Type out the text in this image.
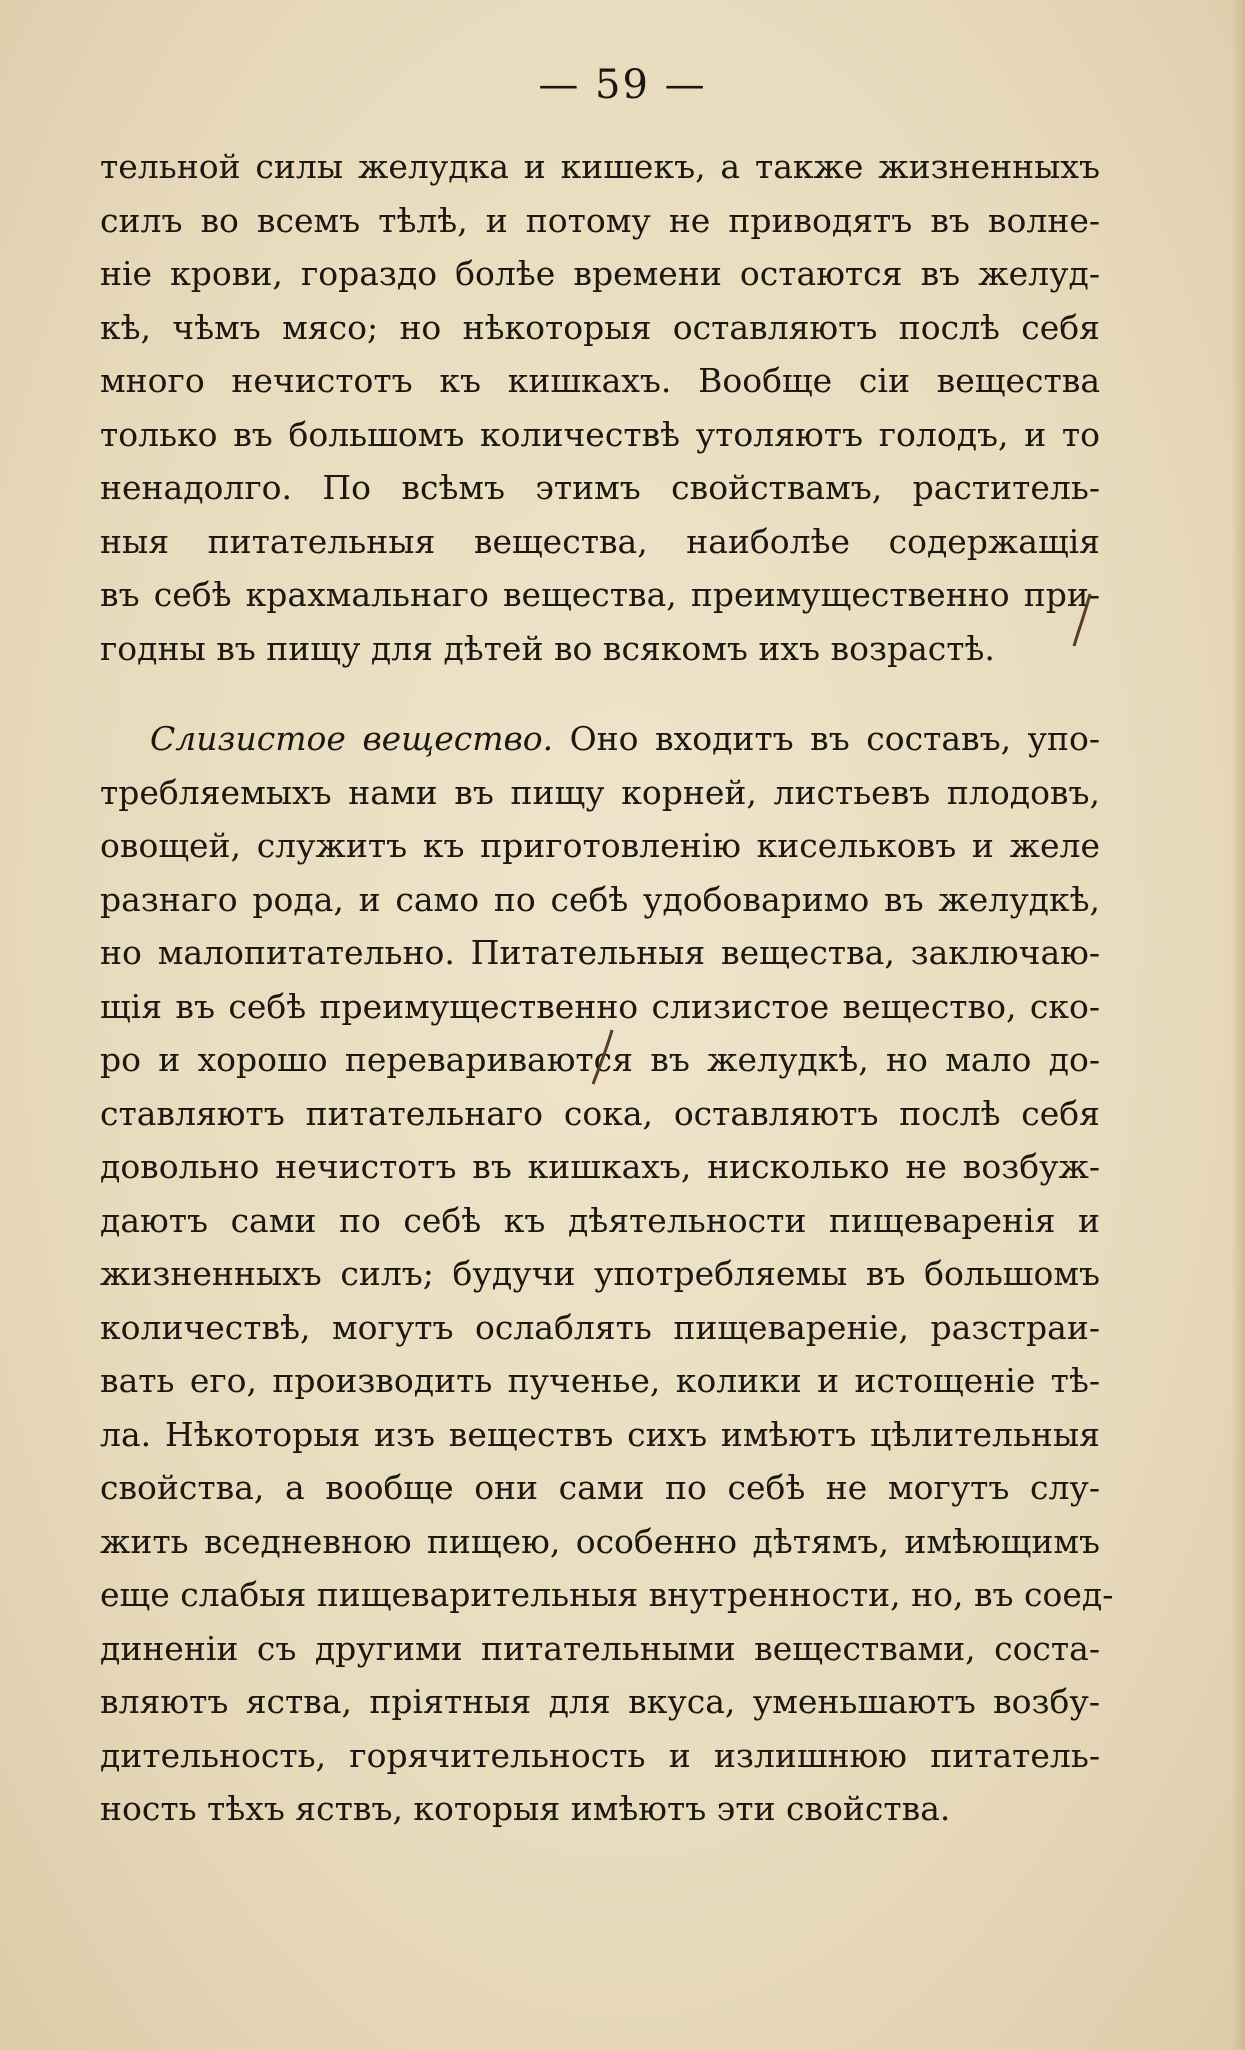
— 59 —
тельной силы желудка и кишекъ, а также жизненныхъ
силъ во всемъ тѣлѣ, и потому не приводятъ въ волне-
ніе крови, гораздо болѣе времени остаются въ желуд-
кѣ, чѣмъ мясо; но нѣкоторыя оставляютъ послѣ себя
много нечистотъ къ кишкахъ. Вообще сіи вещества
только въ большомъ количествѣ утоляютъ голодъ, и то
ненадолго. По всѣмъ этимъ свойствамъ, раститель-
ныя питательныя вещества, наиболѣе содержащія
въ себѣ крахмальнаго вещества, преимущественно при-
годны въ пищу для дѣтей во всякомъ ихъ возрастѣ.
Слизистое вещество. Оно входитъ въ составъ, упо-
требляемыхъ нами въ пищу корней, листьевъ плодовъ,
овощей, служитъ къ приготовленію кисельковъ и желе
разнаго рода, и само по себѣ удобоваримо въ желудкѣ,
но малопитательно. Питательныя вещества, заключаю-
щія въ себѣ преимущественно слизистое вещество, ско-
ро и хорошо перевариваются въ желудкѣ, но мало до-
ставляютъ питательнаго сока, оставляютъ послѣ себя
довольно нечистотъ въ кишкахъ, нисколько не возбуж-
даютъ сами по себѣ къ дѣятельности пищеваренія и
жизненныхъ силъ; будучи употребляемы въ большомъ
количествѣ, могутъ ослаблять пищевареніе, разстраи-
вать его, производить пученье, колики и истощеніе тѣ-
ла. Нѣкоторыя изъ веществъ сихъ имѣютъ цѣлительныя
свойства, а вообще они сами по себѣ не могутъ слу-
жить вседневною пищею, особенно дѣтямъ, имѣющимъ
еще слабыя пищеварительныя внутренности, но, въ соед-
диненіи съ другими питательными веществами, соста-
вляютъ яства, пріятныя для вкуса, уменьшаютъ возбу-
дительность, горячительность и излишнюю питатель-
ность тѣхъ яствъ, которыя имѣютъ эти свойства.
